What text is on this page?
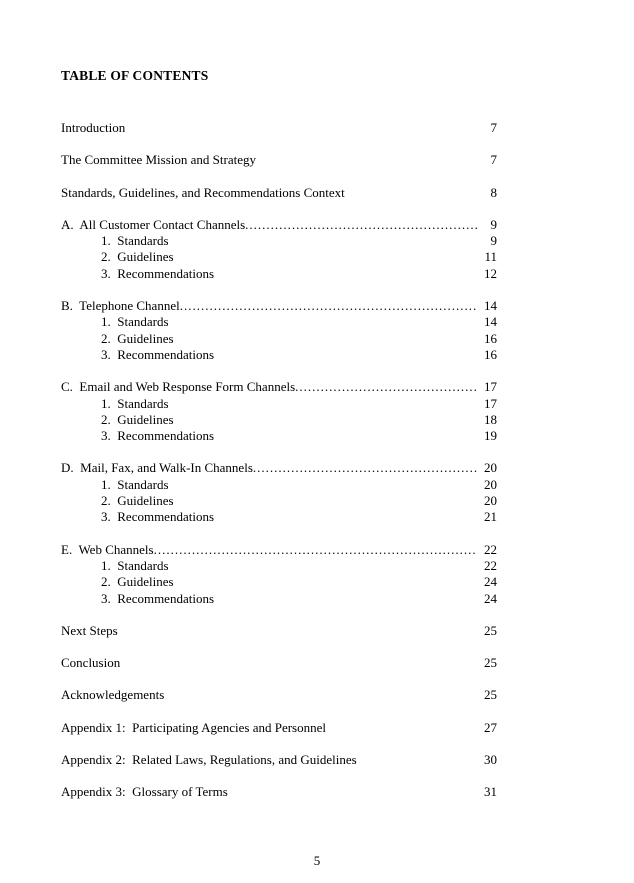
TABLE OF CONTENTS
Introduction	7
The Committee Mission and Strategy	7
Standards, Guidelines, and Recommendations Context	8
A.  All Customer Contact Channels .....	9
1.  Standards	9
2.  Guidelines	11
3.  Recommendations	12
B.  Telephone Channel .....	14
1.  Standards	14
2.  Guidelines	16
3.  Recommendations	16
C.  Email and Web Response Form Channels .....	17
1.  Standards	17
2.  Guidelines	18
3.  Recommendations	19
D.  Mail, Fax, and Walk-In Channels .....	20
1.  Standards	20
2.  Guidelines	20
3.  Recommendations	21
E.  Web Channels .....	22
1.  Standards	22
2.  Guidelines	24
3.  Recommendations	24
Next Steps	25
Conclusion	25
Acknowledgements	25
Appendix 1:  Participating Agencies and Personnel	27
Appendix 2:  Related Laws, Regulations, and Guidelines	30
Appendix 3:  Glossary of Terms	31
5
